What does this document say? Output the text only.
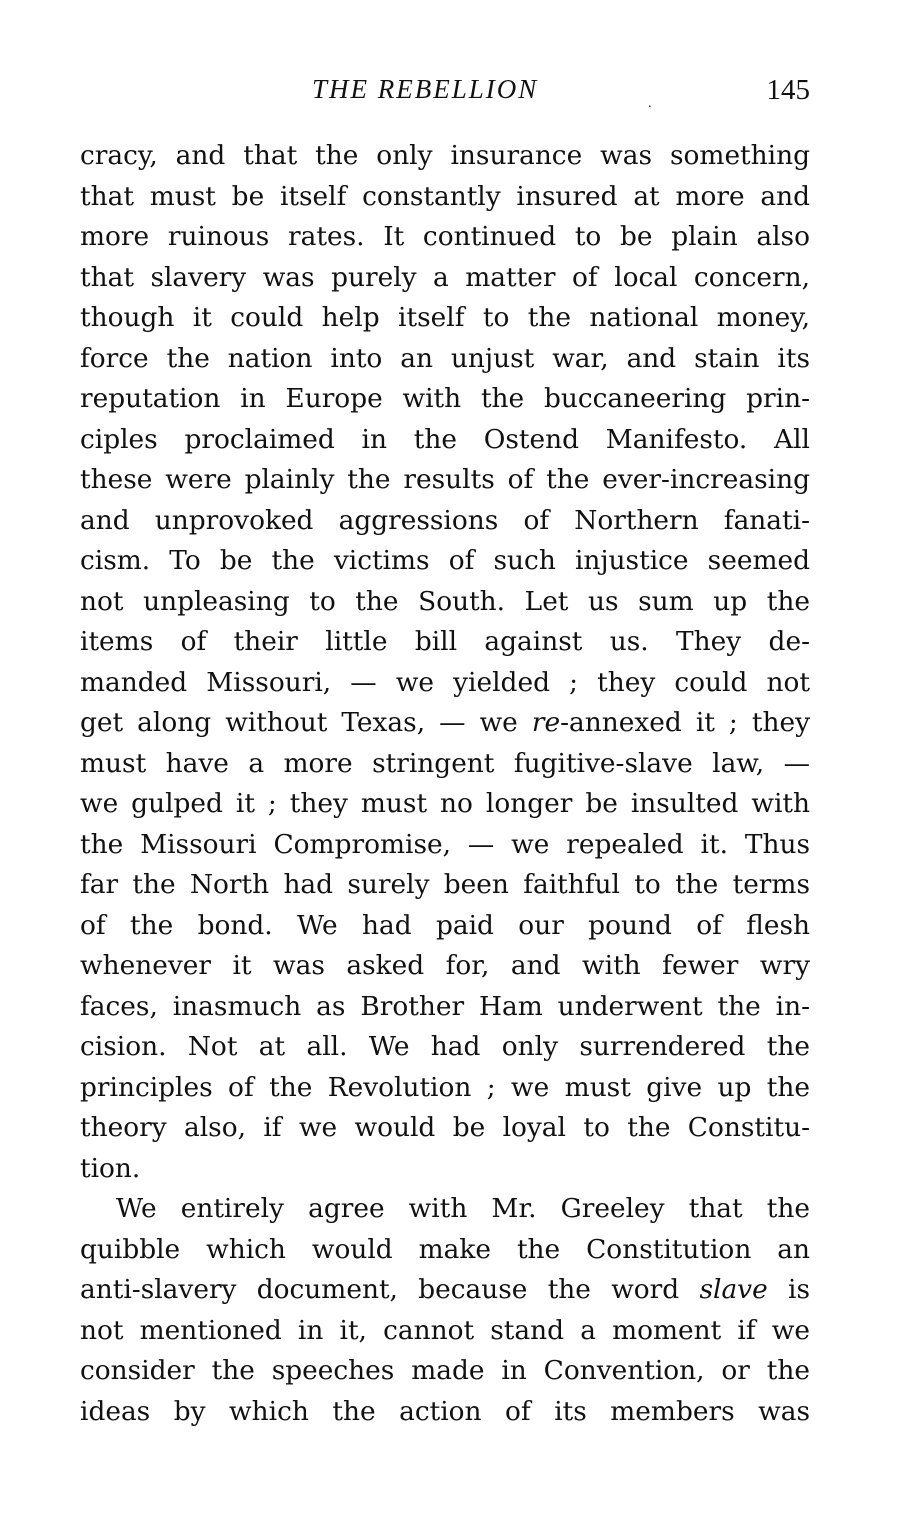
THE REBELLION	.	145
cracy, and that the only insurance was something
that must be itself constantly insured at more and
more ruinous rates. It continued to be plain also
that slavery was purely a matter of local concern,
though it could help itself to the national money,
force the nation into an unjust war, and stain its
reputation in Europe with the buccaneering prin-
ciples proclaimed in the Ostend Manifesto. All
these were plainly the results of the ever-increasing
and unprovoked aggressions of Northern fanati-
cism. To be the victims of such injustice seemed
not unpleasing to the South. Let us sum up the
items of their little bill against us. They de-
manded Missouri, — we yielded ; they could not
get along without Texas, — we re-annexed it ; they
must have a more stringent fugitive-slave law, —
we gulped it ; they must no longer be insulted with
the Missouri Compromise, — we repealed it. Thus
far the North had surely been faithful to the terms
of the bond. We had paid our pound of flesh
whenever it was asked for, and with fewer wry
faces, inasmuch as Brother Ham underwent the in-
cision. Not at all. We had only surrendered the
principles of the Revolution ; we must give up the
theory also, if we would be loyal to the Constitu-
tion.
We entirely agree with Mr. Greeley that the
quibble which would make the Constitution an
anti-slavery document, because the word slave is
not mentioned in it, cannot stand a moment if we
consider the speeches made in Convention, or the
ideas by which the action of its members was
